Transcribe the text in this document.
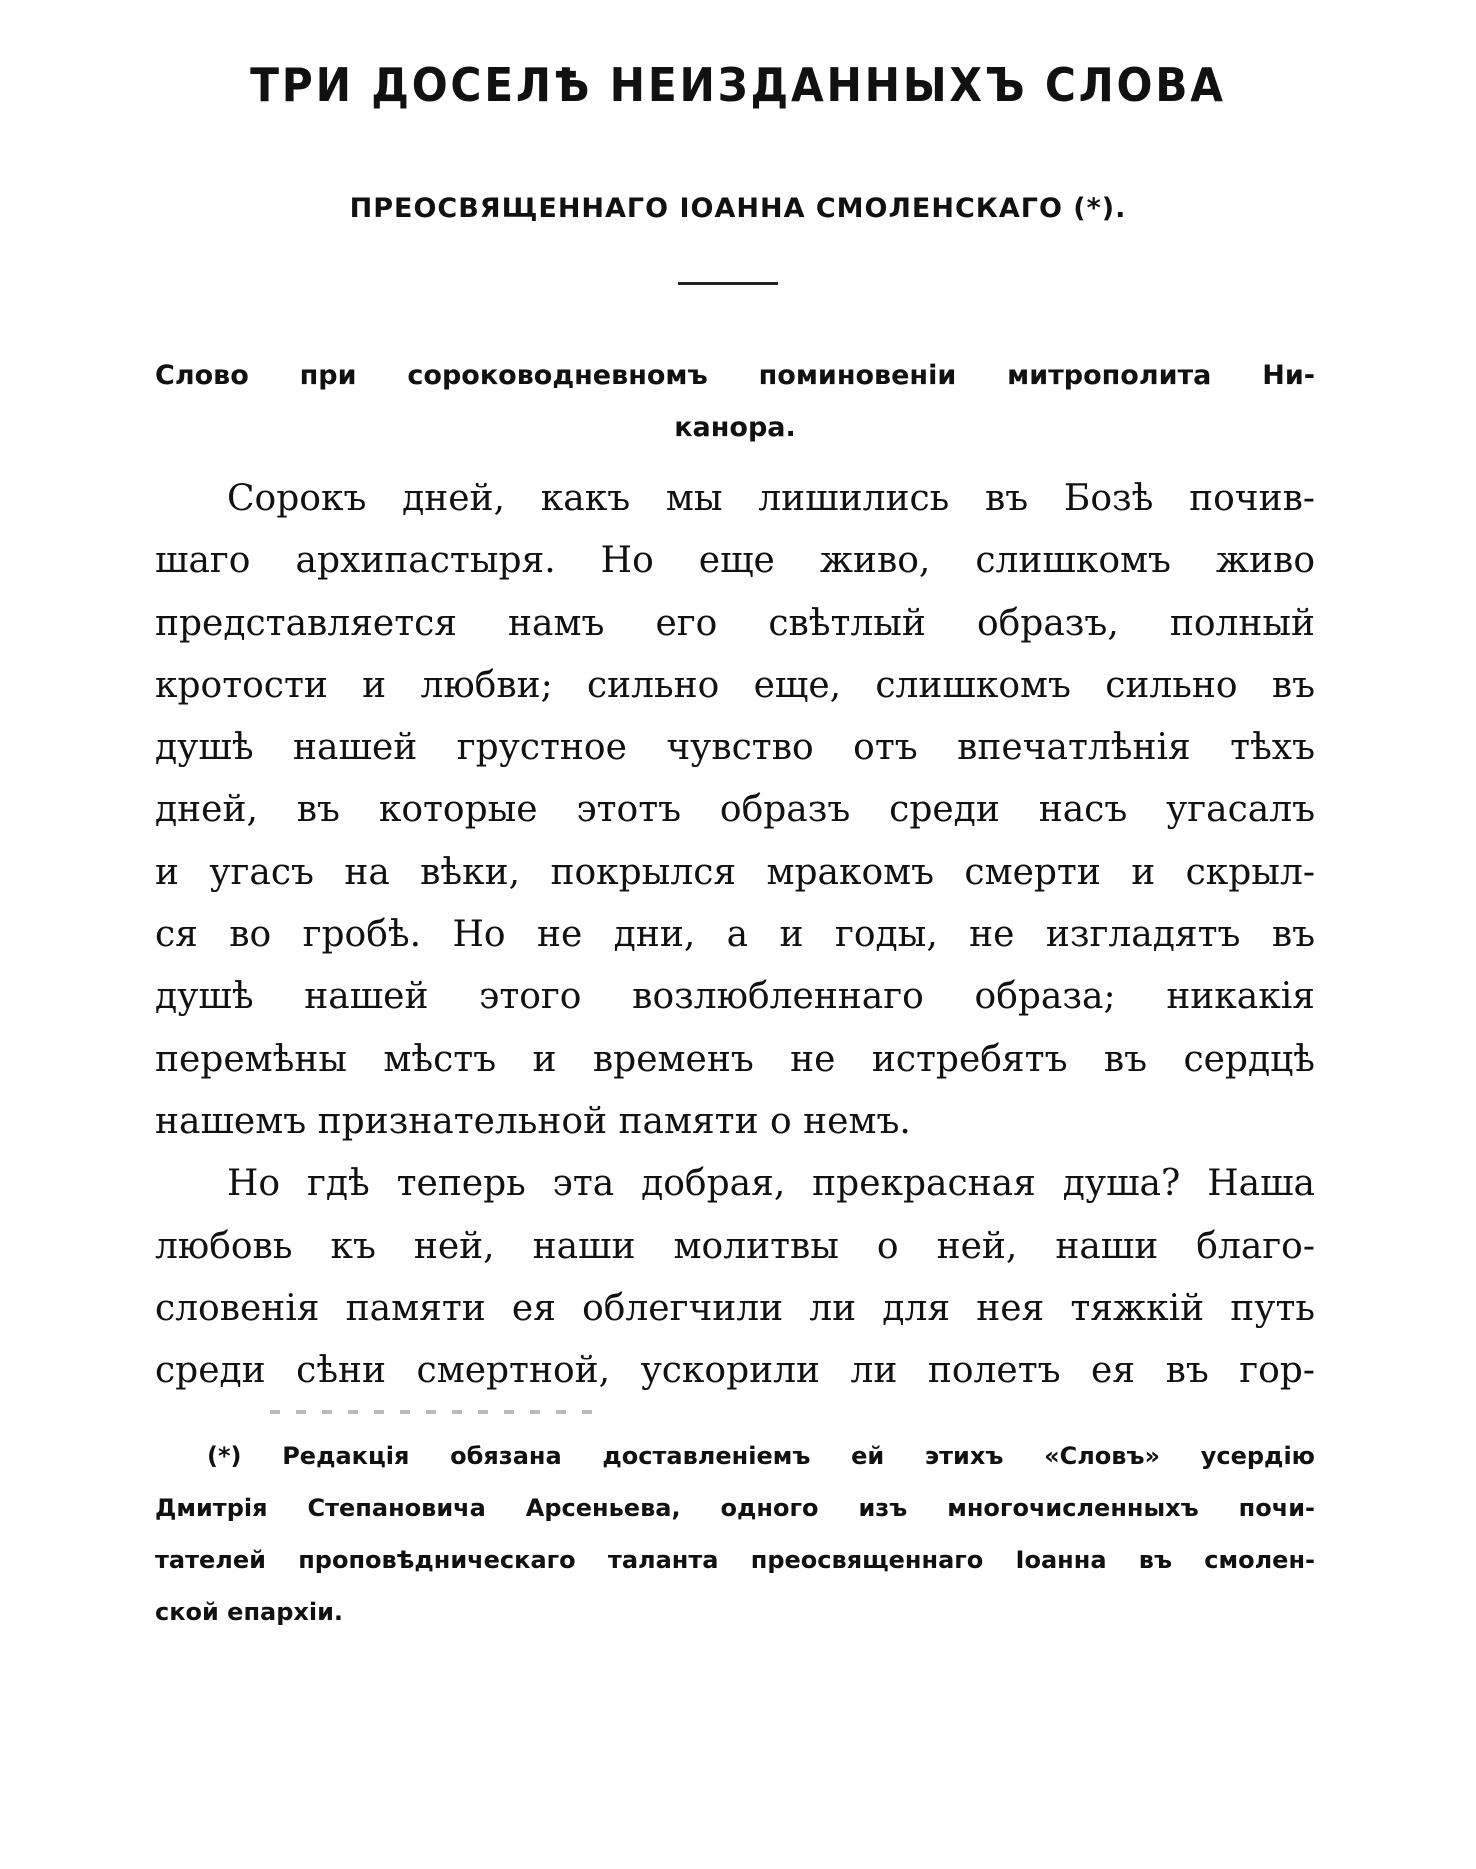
ТРИ ДОСЕЛѢ НЕИЗДАННЫХЪ СЛОВА
ПРЕОСВЯЩЕННАГО ІОАННА СМОЛЕНСКАГО (*).
Слово при сороководневномъ поминовеніи митрополита Ни-
канора.
Сорокъ дней, какъ мы лишились въ Бозѣ почив-
шаго архипастыря. Но еще живо, слишкомъ живо
представляется намъ его свѣтлый образъ, полный
кротости и любви; сильно еще, слишкомъ сильно въ
душѣ нашей грустное чувство отъ впечатлѣнія тѣхъ
дней, въ которые этотъ образъ среди насъ угасалъ
и угасъ на вѣки, покрылся мракомъ смерти и скрыл-
ся во гробѣ. Но не дни, а и годы, не изгладятъ въ
душѣ нашей этого возлюбленнаго образа; никакія
перемѣны мѣстъ и временъ не истребятъ въ сердцѣ
нашемъ признательной памяти о немъ.
Но гдѣ теперь эта добрая, прекрасная душа? Наша
любовь къ ней, наши молитвы о ней, наши благо-
словенія памяти ея облегчили ли для нея тяжкій путь
среди сѣни смертной, ускорили ли полетъ ея въ гор-
(*) Редакція обязана доставленіемъ ей этихъ «Словъ» усердію
Дмитрія Степановича Арсеньева, одного изъ многочисленныхъ почи-
тателей проповѣдническаго таланта преосвященнаго Іоанна въ смолен-
ской епархіи.
